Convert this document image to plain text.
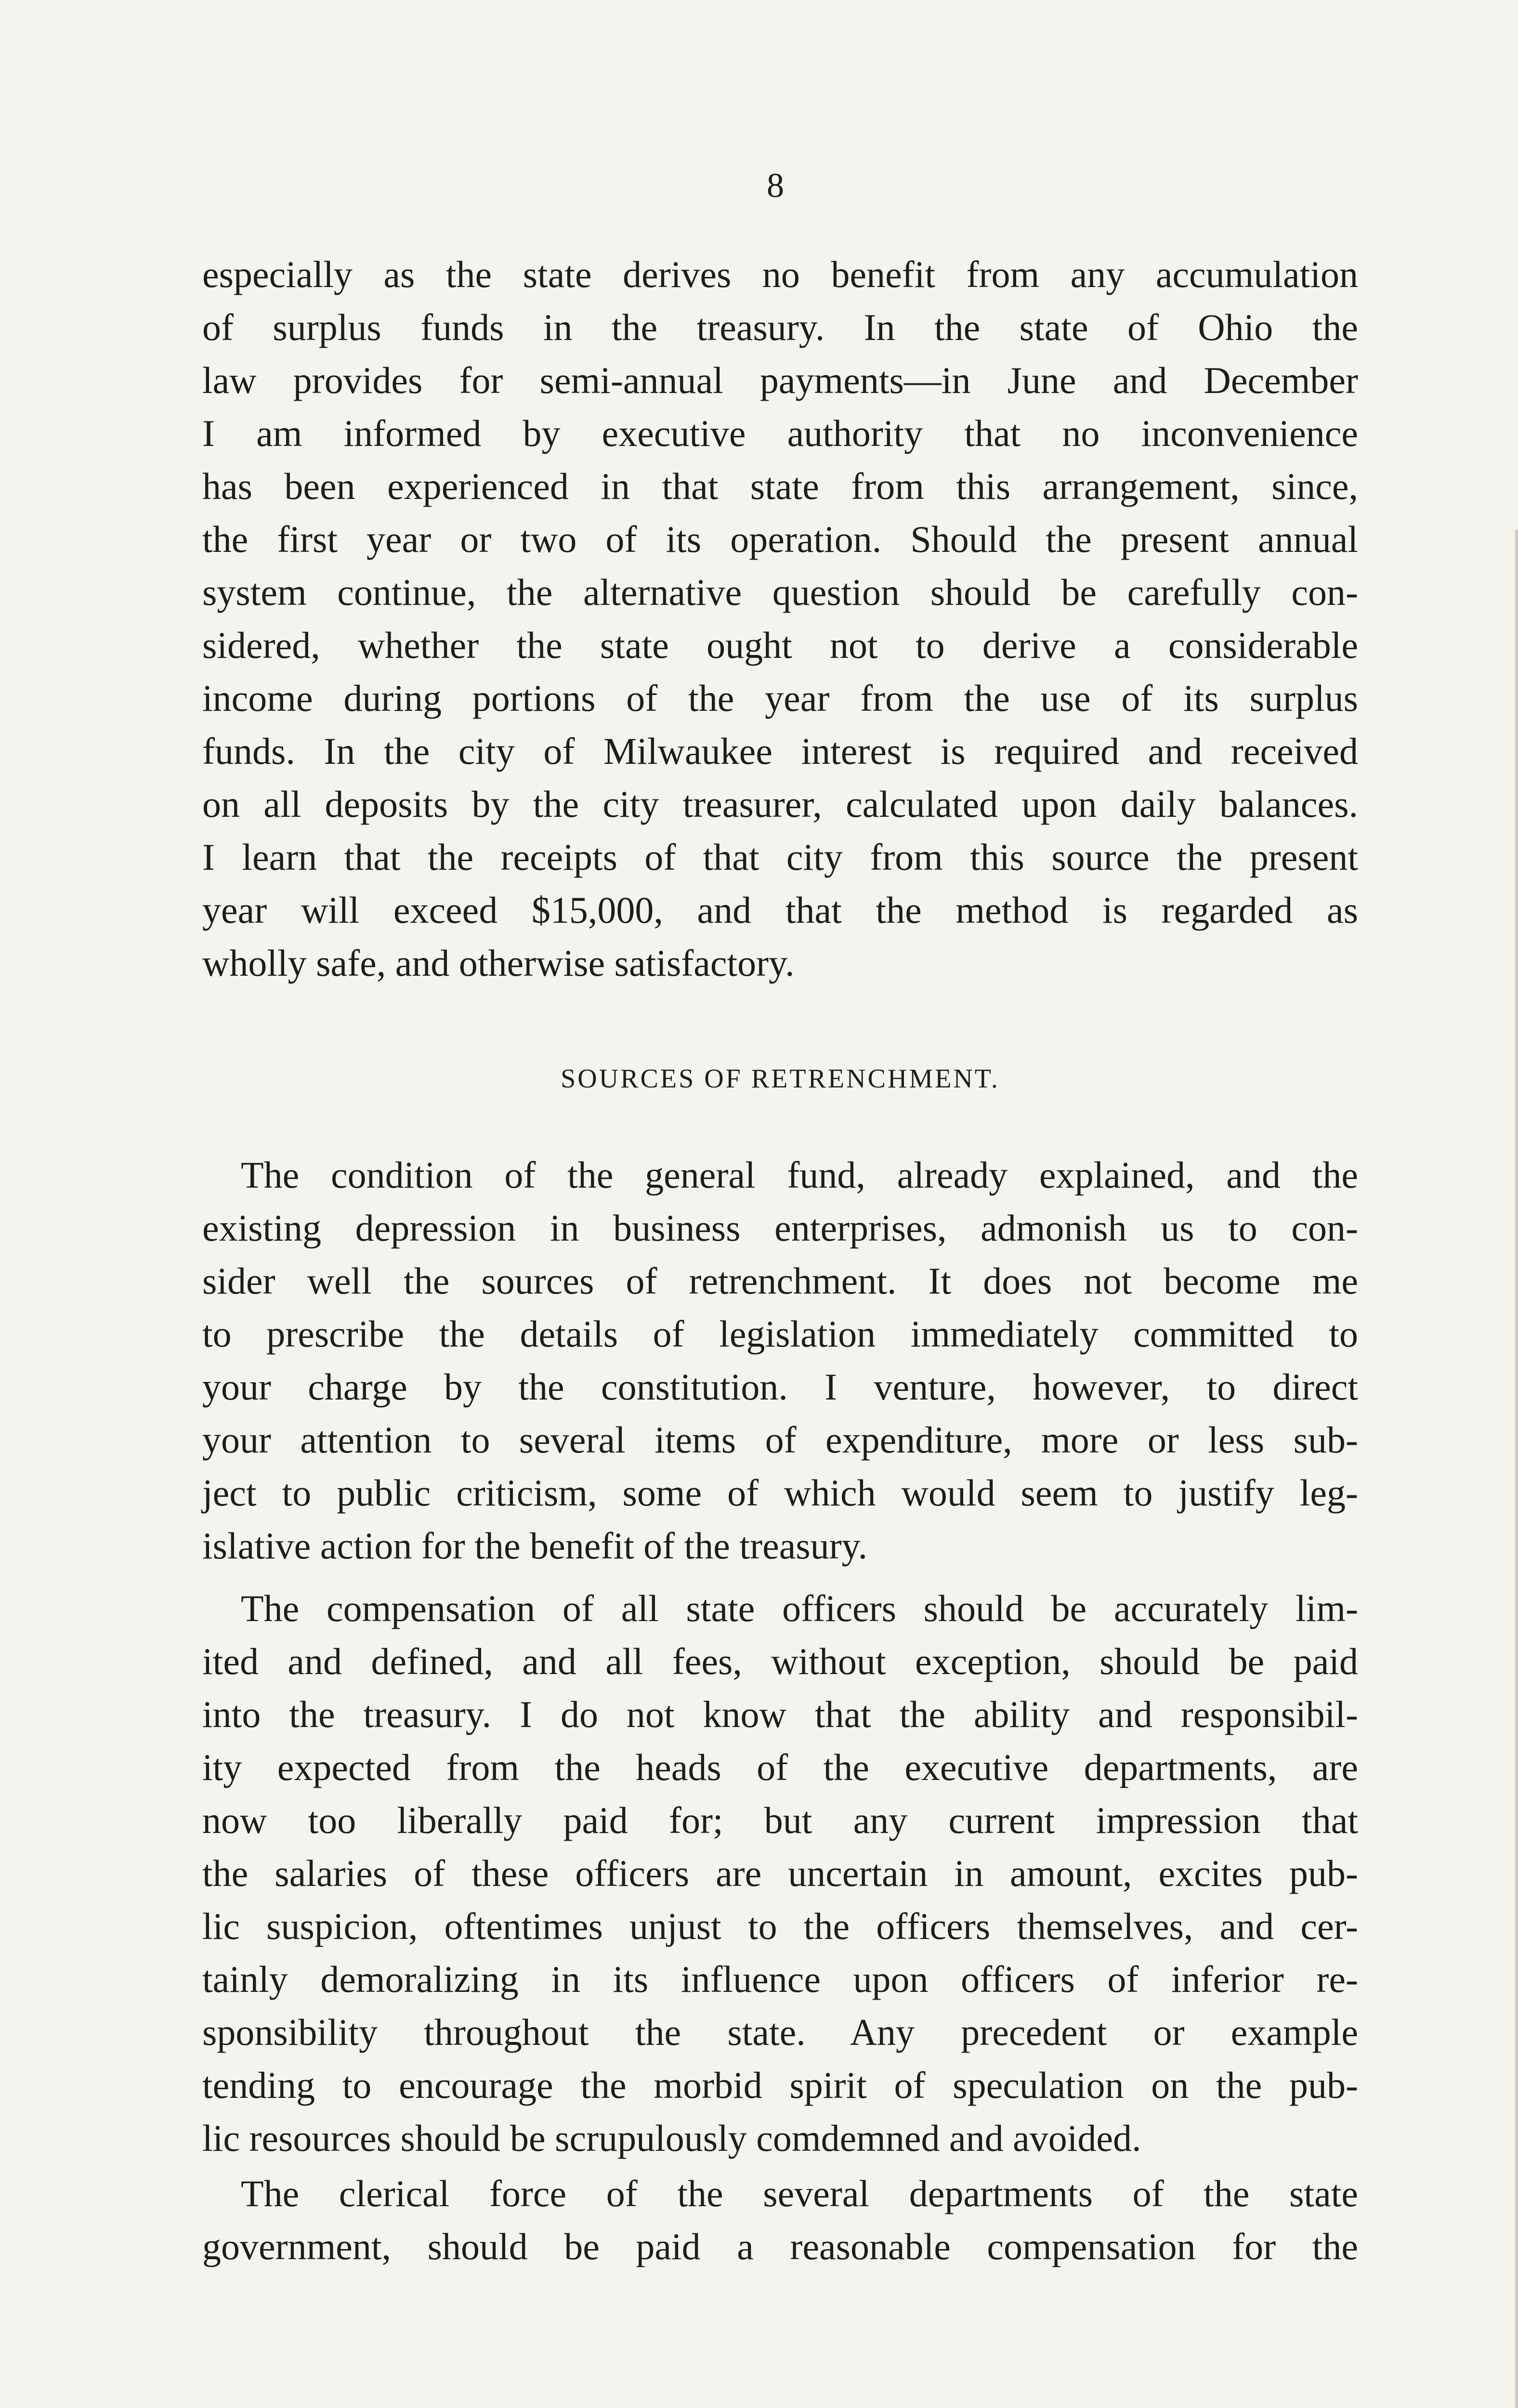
8
especially as the state derives no benefit from any accumulation
of surplus funds in the treasury. In the state of Ohio the
law provides for semi-annual payments—in June and December
I am informed by executive authority that no inconvenience
has been experienced in that state from this arrangement, since,
the first year or two of its operation. Should the present annual
system continue, the alternative question should be carefully con-
sidered, whether the state ought not to derive a considerable
income during portions of the year from the use of its surplus
funds. In the city of Milwaukee interest is required and received
on all deposits by the city treasurer, calculated upon daily balances.
I learn that the receipts of that city from this source the present
year will exceed $15,000, and that the method is regarded as
wholly safe, and otherwise satisfactory.
SOURCES OF RETRENCHMENT.
The condition of the general fund, already explained, and the
existing depression in business enterprises, admonish us to con-
sider well the sources of retrenchment. It does not become me
to prescribe the details of legislation immediately committed to
your charge by the constitution. I venture, however, to direct
your attention to several items of expenditure, more or less sub-
ject to public criticism, some of which would seem to justify leg-
islative action for the benefit of the treasury.
The compensation of all state officers should be accurately lim-
ited and defined, and all fees, without exception, should be paid
into the treasury. I do not know that the ability and responsibil-
ity expected from the heads of the executive departments, are
now too liberally paid for; but any current impression that
the salaries of these officers are uncertain in amount, excites pub-
lic suspicion, oftentimes unjust to the officers themselves, and cer-
tainly demoralizing in its influence upon officers of inferior re-
sponsibility throughout the state. Any precedent or example
tending to encourage the morbid spirit of speculation on the pub-
lic resources should be scrupulously comdemned and avoided.
The clerical force of the several departments of the state
government, should be paid a reasonable compensation for the
